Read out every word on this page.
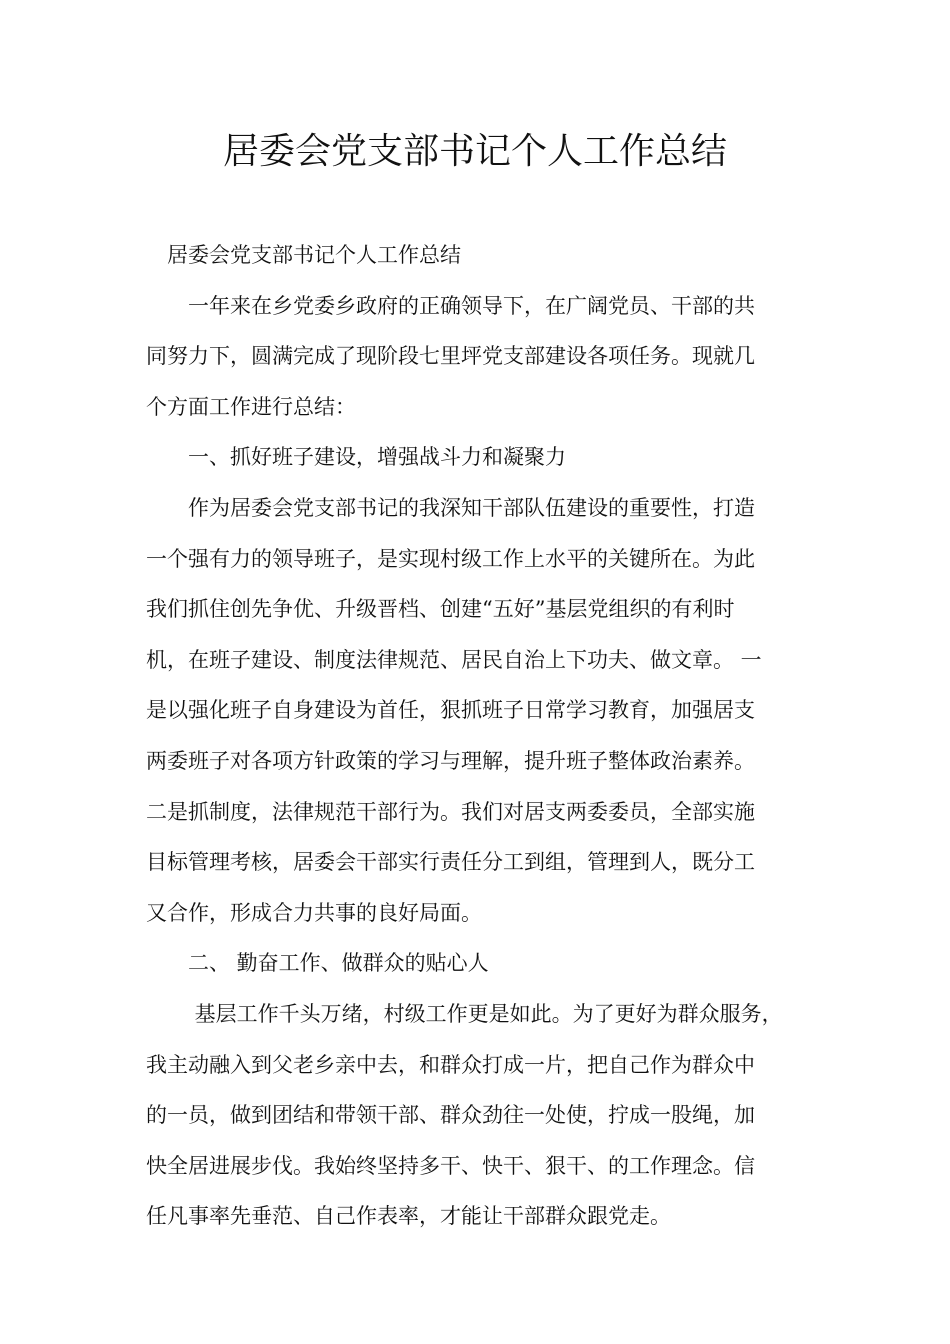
居委会党支部书记个人工作总结
　居委会党支部书记个人工作总结
　　一年来在乡党委乡政府的正确领导下，在广阔党员、干部的共
同努力下，圆满完成了现阶段七里坪党支部建设各项任务。现就几
个方面工作进行总结：
　　一、抓好班子建设，增强战斗力和凝聚力
　　作为居委会党支部书记的我深知干部队伍建设的重要性，打造
一个强有力的领导班子，是实现村级工作上水平的关键所在。为此
我们抓住创先争优、升级晋档、创建“五好”基层党组织的有利时
机，在班子建设、制度法律规范、居民自治上下功夫、做文章。 一
是以强化班子自身建设为首任，狠抓班子日常学习教育，加强居支
两委班子对各项方针政策的学习与理解，提升班子整体政治素养。
二是抓制度，法律规范干部行为。我们对居支两委委员，全部实施
目标管理考核，居委会干部实行责任分工到组，管理到人，既分工
又合作，形成合力共事的良好局面。
　　二、 勤奋工作、做群众的贴心人
　　 基层工作千头万绪，村级工作更是如此。为了更好为群众服务，
我主动融入到父老乡亲中去，和群众打成一片，把自己作为群众中
的一员，做到团结和带领干部、群众劲往一处使，拧成一股绳，加
快全居进展步伐。我始终坚持多干、快干、狠干、的工作理念。信
任凡事率先垂范、自己作表率，才能让干部群众跟党走。
